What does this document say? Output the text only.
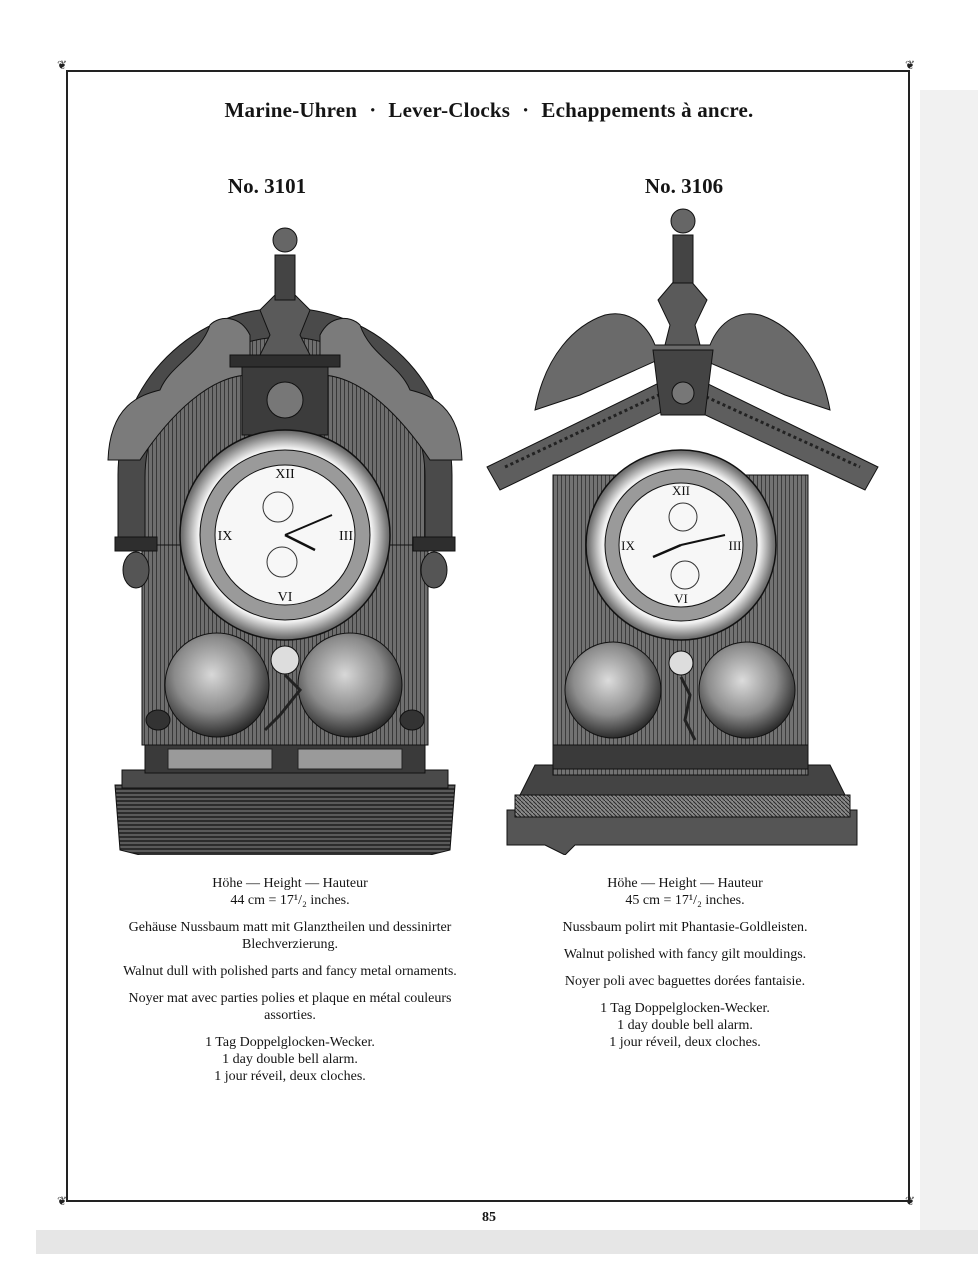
❦	❦
❦	❦
Marine-Uhren · Lever-Clocks · Echappements à ancre.
No. 3101	No. 3106
XII
III
VI
IX
XII
III
VI
IX

Höhe — Height — Hauteur
44 cm = 17¹/₂ inches.

Gehäuse Nussbaum matt mit Glanztheilen und dessinirter Blechverzierung.

Walnut dull with polished parts and fancy metal ornaments.

Noyer mat avec parties polies et plaque en métal couleurs assorties.

1 Tag Doppelglocken-Wecker.

1 day double bell alarm.

1 jour réveil, deux cloches.

Höhe — Height — Hauteur
45 cm = 17¹/₂ inches.

Nussbaum polirt mit Phantasie-Goldleisten.

Walnut polished with fancy gilt mouldings.

Noyer poli avec baguettes dorées fantaisie.

1 Tag Doppelglocken-Wecker.

1 day double bell alarm.

1 jour réveil, deux cloches.

85
